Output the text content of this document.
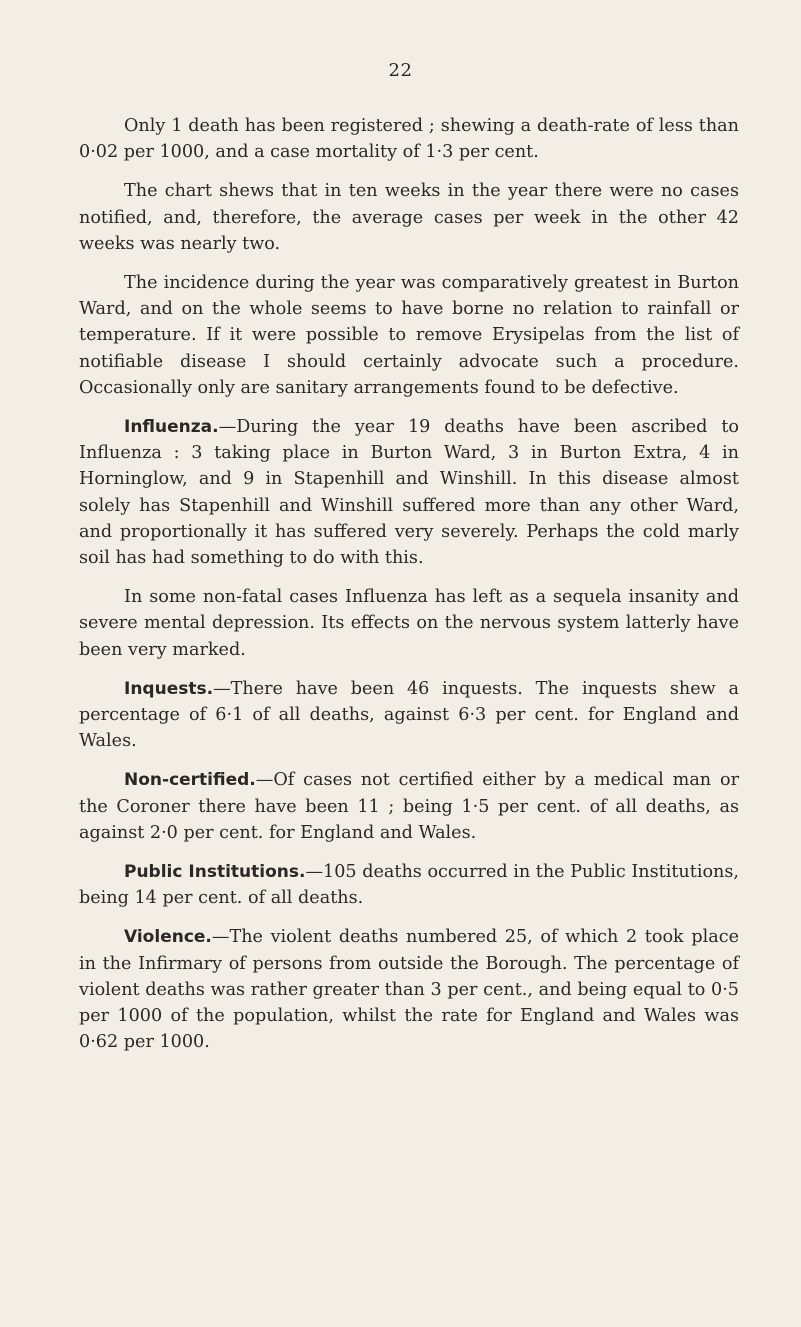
22

Only 1 death has been registered ; shewing a death-rate of less than 0·02 per 1000, and a case mortality of 1·3 per cent.

The chart shews that in ten weeks in the year there were no cases notified, and, therefore, the average cases per week in the other 42 weeks was nearly two.

The incidence during the year was comparatively greatest in Burton Ward, and on the whole seems to have borne no relation to rainfall or temperature. If it were possible to remove Erysipelas from the list of notifiable disease I should certainly advocate such a procedure. Occasionally only are sanitary arrangements found to be defective.

Influenza.—During the year 19 deaths have been ascribed to Influenza : 3 taking place in Burton Ward, 3 in Burton Extra, 4 in Horninglow, and 9 in Stapenhill and Winshill. In this disease almost solely has Stapenhill and Winshill suffered more than any other Ward, and proportionally it has suffered very severely. Perhaps the cold marly soil has had something to do with this.

In some non-fatal cases Influenza has left as a sequela insanity and severe mental depression. Its effects on the nervous system latterly have been very marked.

Inquests.—There have been 46 inquests. The inquests shew a percentage of 6·1 of all deaths, against 6·3 per cent. for England and Wales.

Non-certified.—Of cases not certified either by a medical man or the Coroner there have been 11 ; being 1·5 per cent. of all deaths, as against 2·0 per cent. for England and Wales.

Public Institutions.—105 deaths occurred in the Public Institutions, being 14 per cent. of all deaths.

Violence.—The violent deaths numbered 25, of which 2 took place in the Infirmary of persons from outside the Borough. The percentage of violent deaths was rather greater than 3 per cent., and being equal to 0·5 per 1000 of the population, whilst the rate for England and Wales was 0·62 per 1000.
